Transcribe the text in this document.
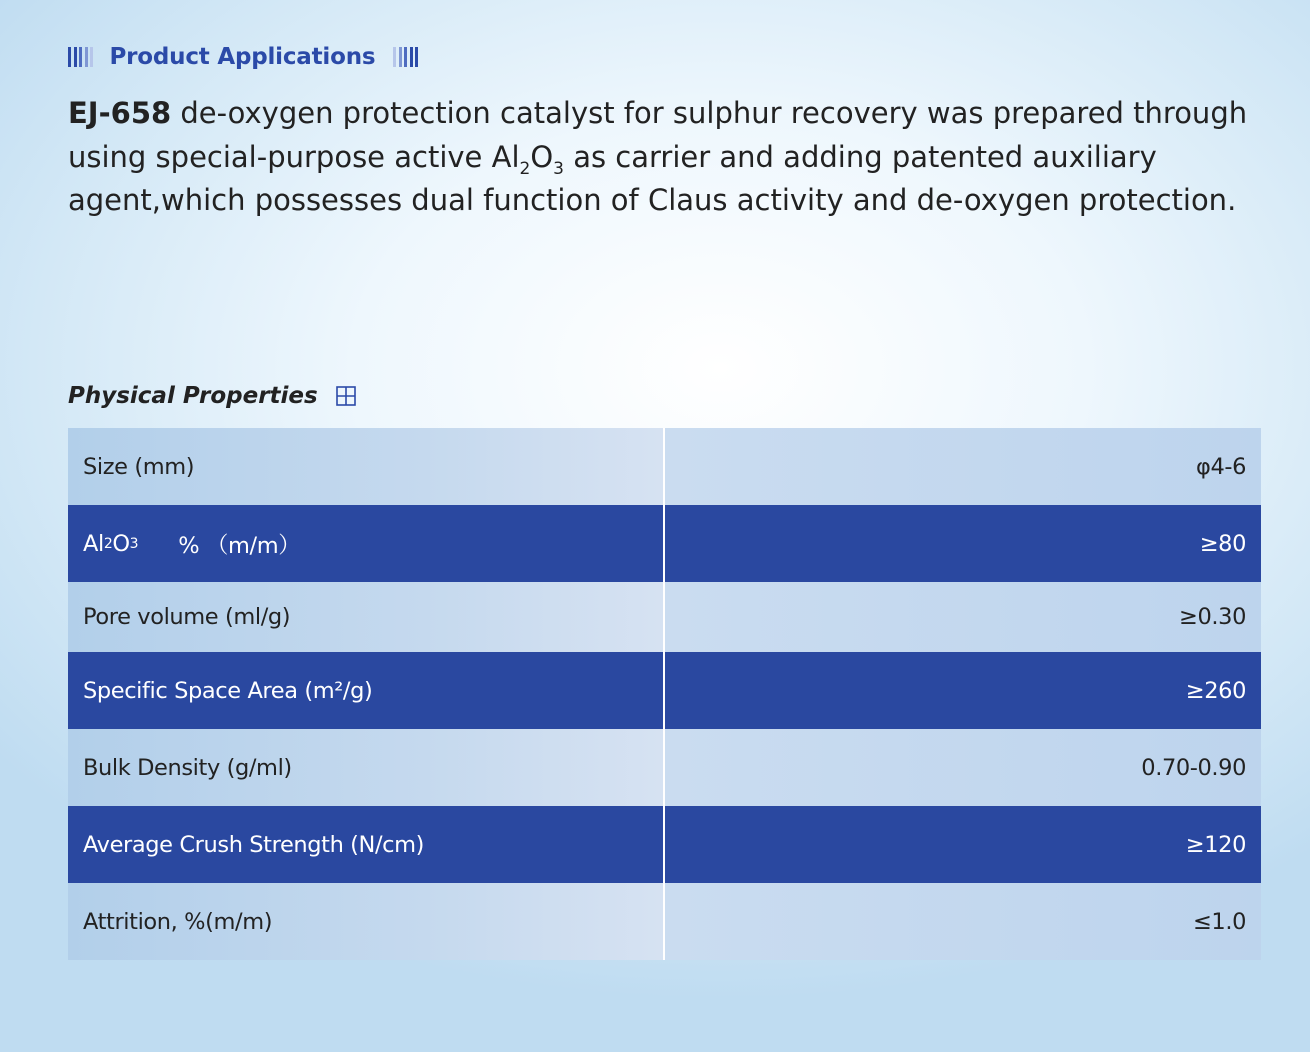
Product Applications

EJ-658 de-oxygen protection catalyst for sulphur recovery was prepared through using special-purpose active $Al_2O_3$ as carrier and adding patented auxiliary agent,which possesses dual function of Claus activity and de-oxygen protection.

Physical Properties
Size (mm)	φ4-6
Al 2 O 3 % （m/m）	≥80
Pore volume (ml/g)	≥0.30
Specific Space Area (m²/g)	≥260
Bulk Density (g/ml)	0.70-0.90
Average Crush Strength (N/cm)	≥120
Attrition, %(m/m)	≤1.0
